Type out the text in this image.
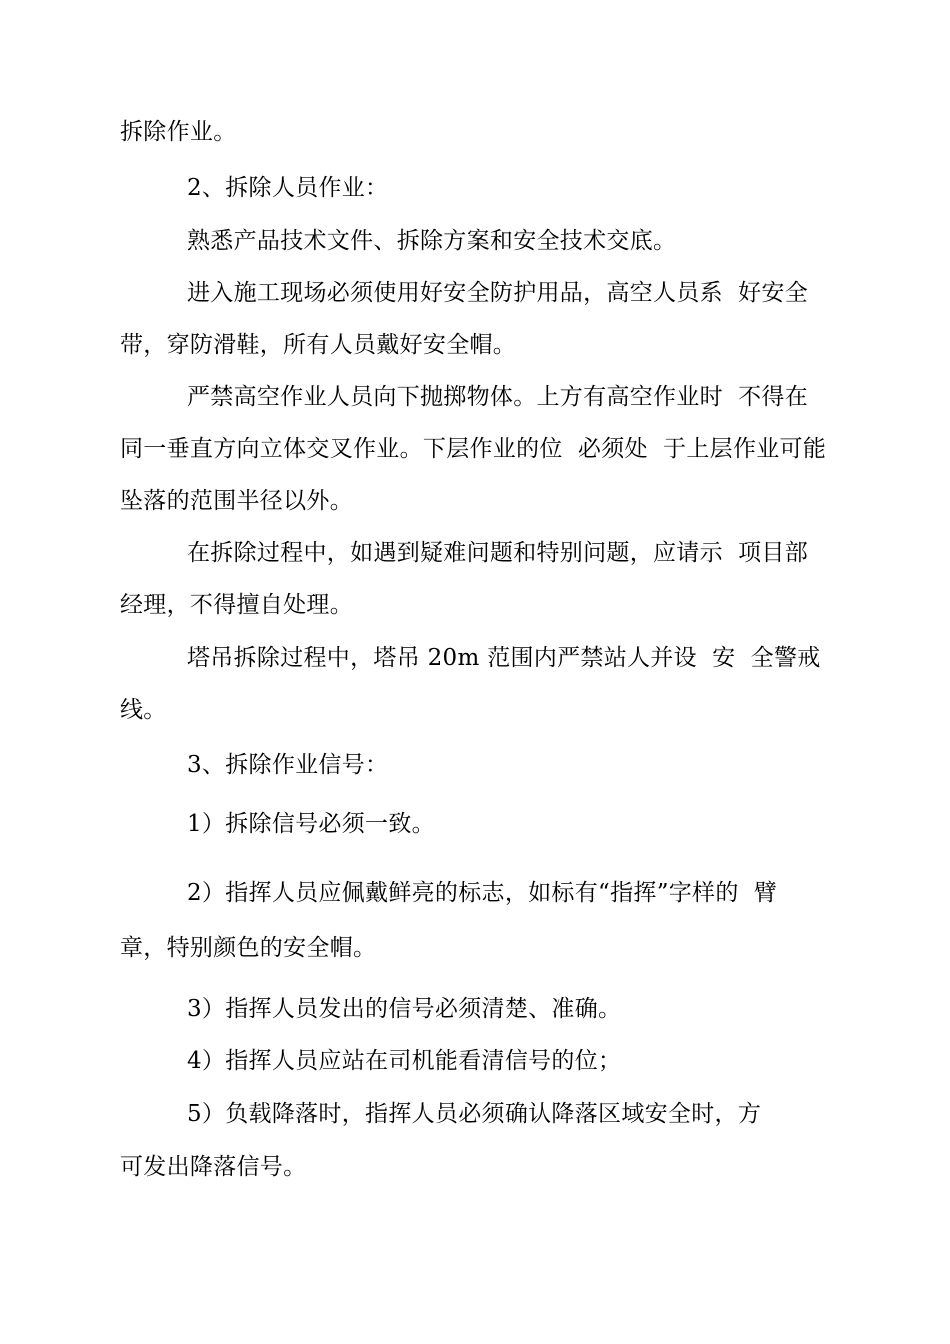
拆除作业。
2、拆除人员作业：
熟悉产品技术文件、拆除方案和安全技术交底。
进入施工现场必须使用好安全防护用品，高空人员系  好安全
带，穿防滑鞋，所有人员戴好安全帽。
严禁高空作业人员向下抛掷物体。上方有高空作业时  不得在
同一垂直方向立体交叉作业。下层作业的位  必须处  于上层作业可能
坠落的范围半径以外。
在拆除过程中，如遇到疑难问题和特别问题，应请示  项目部
经理，不得擅自处理。
塔吊拆除过程中，塔吊 20m 范围内严禁站人并设  安  全警戒
线。
3、拆除作业信号：
1）拆除信号必须一致。
2）指挥人员应佩戴鲜亮的标志，如标有“指挥”字样的  臂
章，特别颜色的安全帽。
3）指挥人员发出的信号必须清楚、准确。
4）指挥人员应站在司机能看清信号的位；
5）负载降落时，指挥人员必须确认降落区域安全时，方
可发出降落信号。
